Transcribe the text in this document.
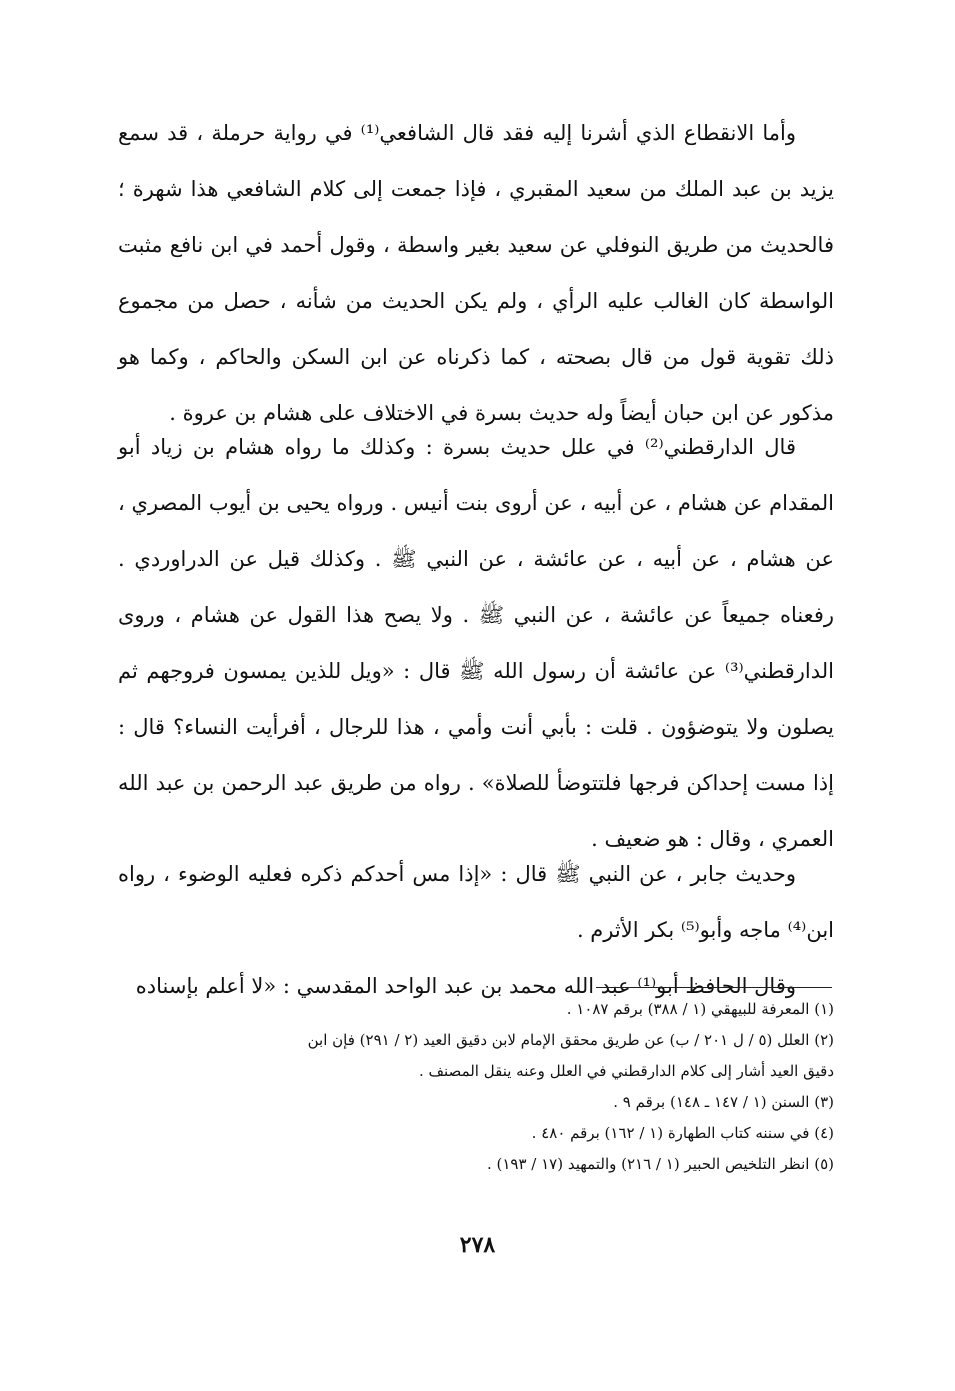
وأما الانقطاع الذي أشرنا إليه فقد قال الشافعي⁽¹⁾ في رواية حرملة ، قد سمع يزيد بن عبد الملك من سعيد المقبري ، فإذا جمعت إلى كلام الشافعي هذا شهرة ؛ فالحديث من طريق النوفلي عن سعيد بغير واسطة ، وقول أحمد في ابن نافع مثبت الواسطة كان الغالب عليه الرأي ، ولم يكن الحديث من شأنه ، حصل من مجموع ذلك تقوية قول من قال بصحته ، كما ذكرناه عن ابن السكن والحاكم ، وكما هو مذكور عن ابن حبان أيضاً وله حديث بسرة في الاختلاف على هشام بن عروة .

قال الدارقطني⁽²⁾ في علل حديث بسرة : وكذلك ما رواه هشام بن زياد أبو المقدام عن هشام ، عن أبيه ، عن أروى بنت أنيس . ورواه يحيى بن أيوب المصري ، عن هشام ، عن أبيه ، عن عائشة ، عن النبي ﷺ . وكذلك قيل عن الدراوردي . رفعناه جميعاً عن عائشة ، عن النبي ﷺ . ولا يصح هذا القول عن هشام ، وروى الدارقطني⁽³⁾ عن عائشة أن رسول الله ﷺ قال : «ويل للذين يمسون فروجهم ثم يصلون ولا يتوضؤون . قلت : بأبي أنت وأمي ، هذا للرجال ، أفرأيت النساء؟ قال : إذا مست إحداكن فرجها فلتتوضأ للصلاة» . رواه من طريق عبد الرحمن بن عبد الله العمري ، وقال : هو ضعيف .

وحديث جابر ، عن النبي ﷺ قال : «إذا مس أحدكم ذكره فعليه الوضوء ، رواه ابن⁽⁴⁾ ماجه وأبو⁽⁵⁾ بكر الأثرم .

وقال الحافظ أبو⁽¹⁾ عبد الله محمد بن عبد الواحد المقدسي : «لا أعلم بإسناده

(١) المعرفة للبيهقي (١ / ٣٨٨) برقم ١٠٨٧ .

(٢) العلل (٥ / ل ٢٠١ / ب) عن طريق محقق الإمام لابن دقيق العيد (٢ / ٢٩١) فإن ابن

دقيق العيد أشار إلى كلام الدارقطني في العلل وعنه ينقل المصنف .

(٣) السنن (١ / ١٤٧ ـ ١٤٨) برقم ٩ .

(٤) في سننه كتاب الطهارة (١ / ١٦٢) برقم ٤٨٠ .

(٥) انظر التلخيص الحبير (١ / ٢١٦) والتمهيد (١٧ / ١٩٣) .

٢٧٨
